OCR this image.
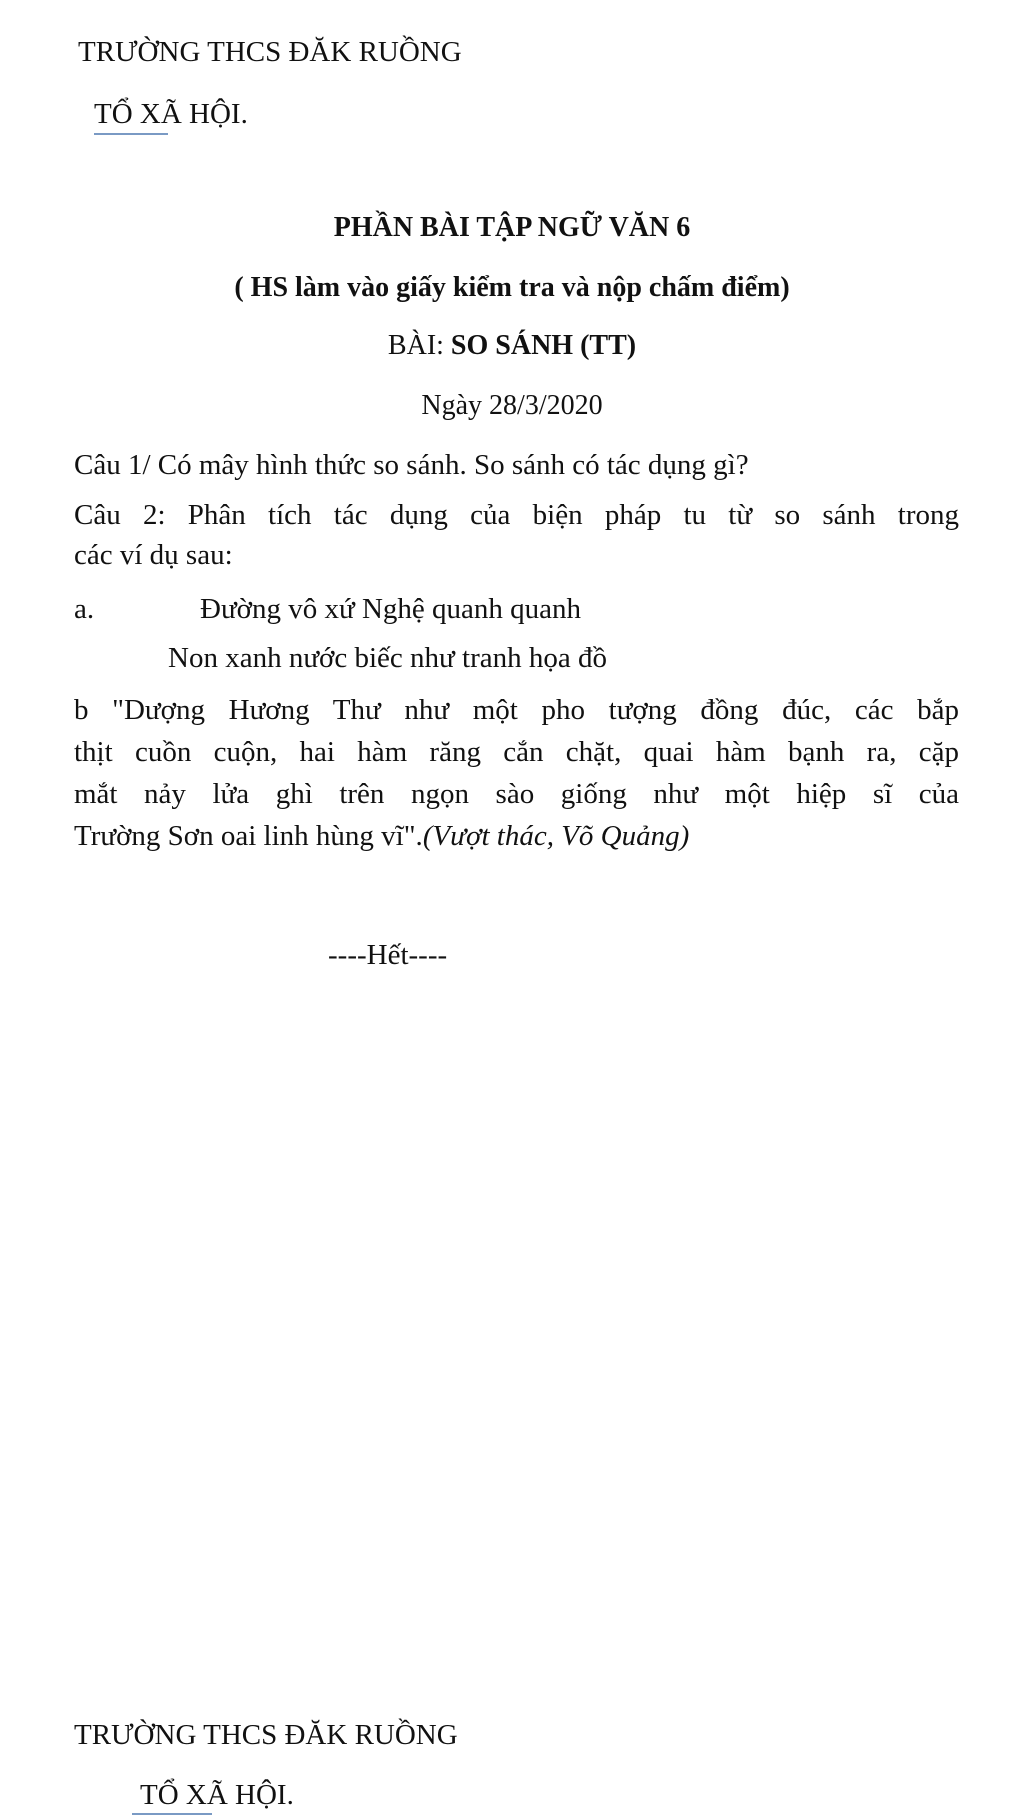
TRƯỜNG THCS ĐĂK RUỒNG
TỔ XÃ HỘI.
PHẦN BÀI TẬP NGỮ VĂN 6
( HS làm vào giấy kiểm tra và nộp chấm điểm)
BÀI: SO SÁNH (TT)
Ngày 28/3/2020
Câu 1/ Có mây hình thức so sánh. So sánh có tác dụng gì?
Câu 2: Phân tích tác dụng của biện pháp tu từ so sánh trong
các ví dụ sau:
a.	Đường vô xứ Nghệ quanh quanh
Non xanh nước biếc như tranh họa đồ
b "Dượng Hương Thư như một pho tượng đồng đúc, các bắp
thịt cuồn cuộn, hai hàm răng cắn chặt, quai hàm bạnh ra, cặp
mắt nảy lửa ghì trên ngọn sào giống như một hiệp sĩ của
Trường Sơn oai linh hùng vĩ".(Vượt thác, Võ Quảng)
----Hết----
TRƯỜNG THCS ĐĂK RUỒNG
TỔ XÃ HỘI.
